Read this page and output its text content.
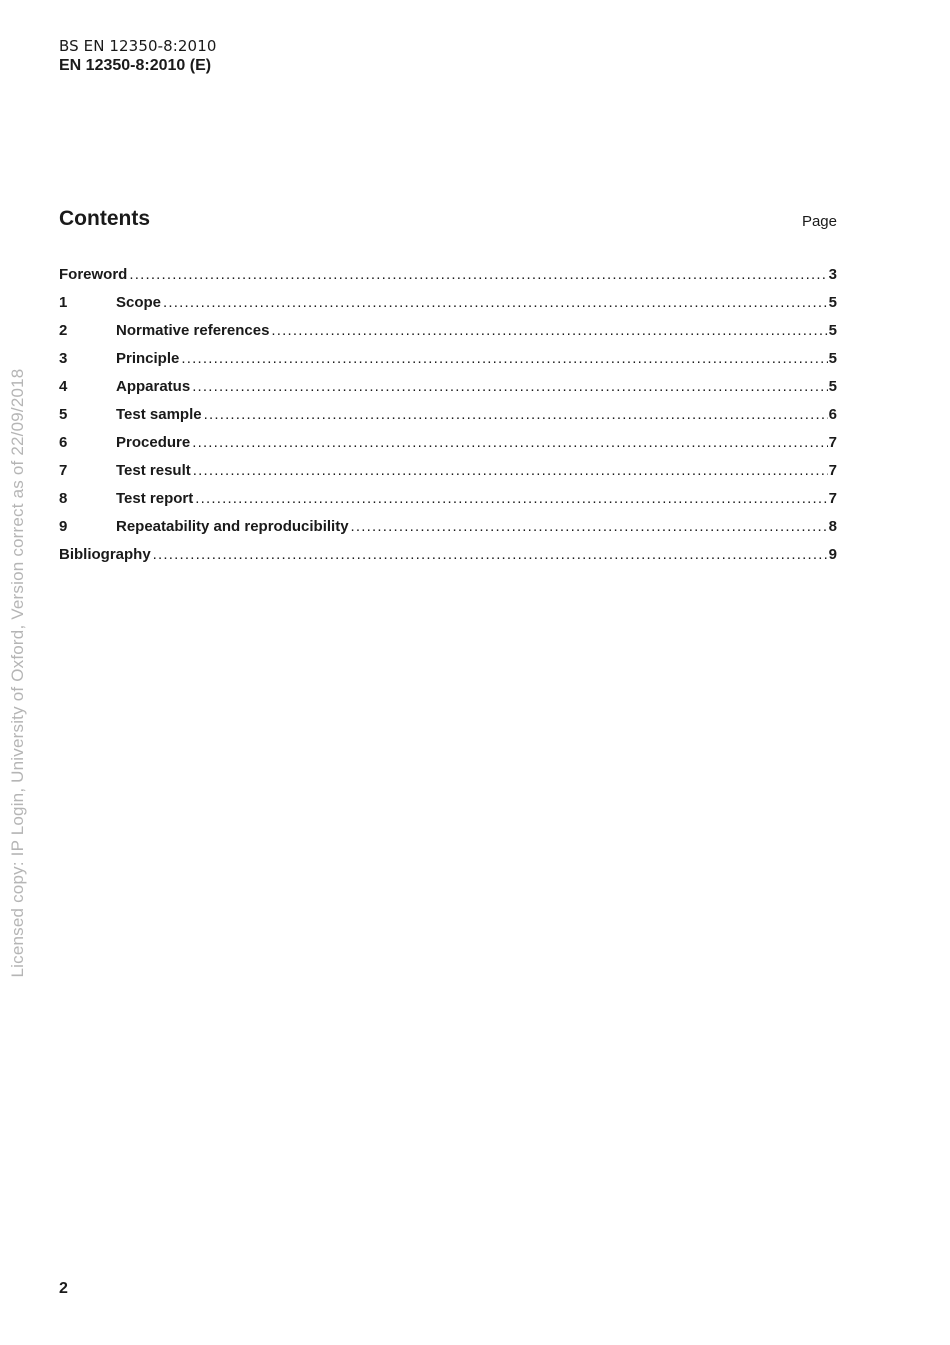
BS EN 12350-8:2010
EN 12350-8:2010 (E)
Contents	Page
Foreword .....	3
1	Scope .....	5
2	Normative references .....	5
3	Principle .....	5
4	Apparatus .....	5
5	Test sample .....	6
6	Procedure .....	7
7	Test result .....	7
8	Test report .....	7
9	Repeatability and reproducibility .....	8
Bibliography .....	9
Licensed copy: IP Login, University of Oxford, Version correct as of 22/09/2018
2
